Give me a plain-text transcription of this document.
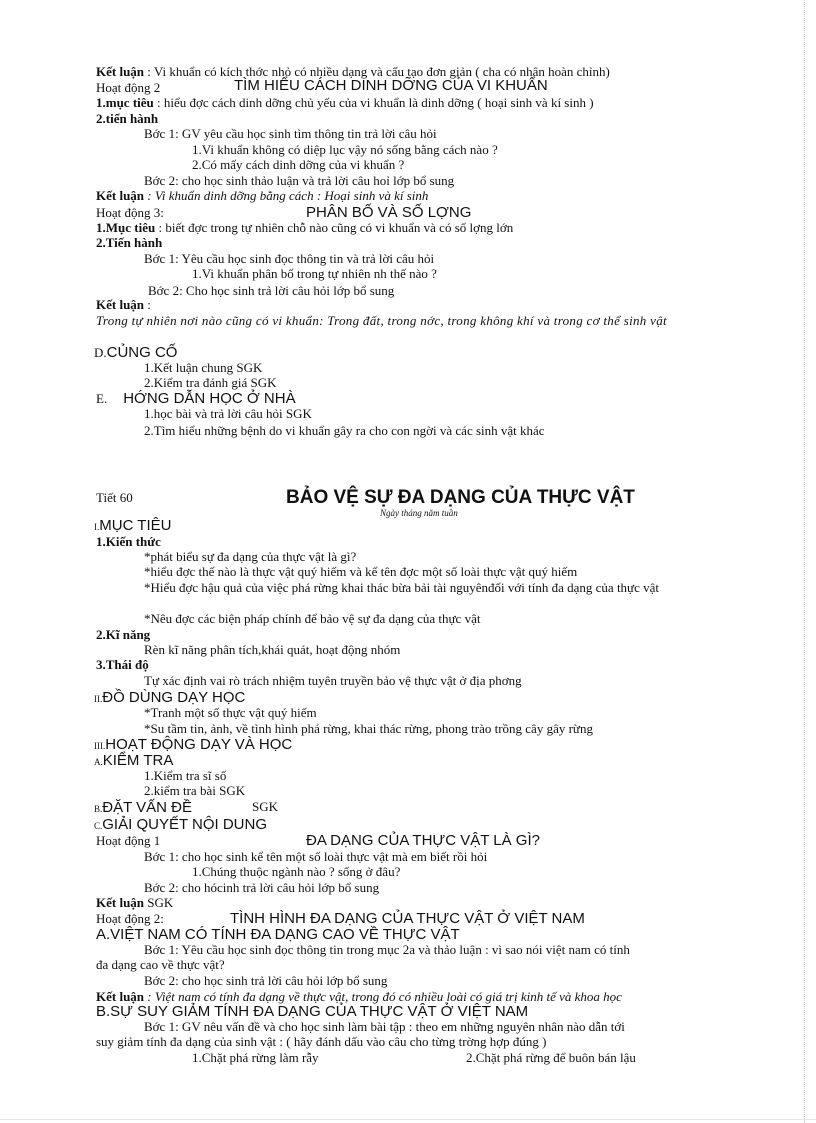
Kết luận : Vi khuẩn có kích thớc nhỏ có nhiều dạng và cấu tạo đơn giản ( cha có nhân hoàn chỉnh)
Hoạt động 2	TÌM HIỂU CÁCH DINH DỠNG CỦA VI KHUẨN
1.mục tiêu : hiểu đợc cách dinh dỡng chủ yếu của vi khuẩn là dinh dỡng ( hoại sinh và kí sinh )
2.tiến hành
Bớc 1: GV yêu cầu học sinh tìm thông tin trả lời câu hỏi
1.Vi khuẩn không có diệp lục vậy nó sống bằng cách nào ?
2.Có mấy cách dinh dỡng của vi khuẩn ?
Bớc 2: cho học sinh thảo luận và trả lời câu hoỉ lớp bổ sung
Kết luận : Vi khuẩn dinh dỡng bằng cách : Hoại sinh và kí sinh
Hoạt động 3:	PHÂN BỐ VÀ SỐ LỢNG
1.Mục tiêu : biết đợc trong tự nhiên chỗ nào cũng có vi khuẩn và có số lợng lớn
2.Tiến hành
Bớc 1: Yêu cầu học sinh đọc thông tin và trả lời câu hỏi
1.Vi khuẩn phân bố trong tự nhiên nh thế nào ?
Bớc 2: Cho học sinh trả lời câu hỏi lớp bổ sung
Kết luận :
Trong tự nhiên nơi nào cũng có vi khuẩn: Trong đất, trong nớc, trong không khí và trong cơ thể sinh vật
D.CỦNG CỐ
1.Kết luận chung SGK
2.Kiểm tra đánh giá SGK
E. HỚNG DẪN HỌC Ở NHÀ
1.học bài và trả lời câu hỏi SGK
2.Tìm hiểu những bệnh do vi khuẩn gây ra cho con ngời và các sinh vật khác
Tiết 60	BẢO VỆ SỰ ĐA DẠNG CỦA THỰC VẬT
Ngày tháng năm tuần
I.MỤC TIÊU
1.Kiến thức
*phát biểu sự đa dạng của thực vật là gì?
*hiểu đợc thế nào là thực vật quý hiếm và kể tên đợc một số loài thực vật quý hiếm
*Hiểu đợc hậu quả của việc phá rừng khai thác bừa bải tài nguyênđối với tính đa dạng của thực vật
*Nêu đợc các biện pháp chính để bảo vệ sự đa dạng của thực vật
2.Kĩ năng
Rèn kĩ năng phân tích,khái quát, hoạt động nhóm
3.Thái độ
Tự xác định vai rò trách nhiệm tuyên truyền bảo vệ thực vật ở địa phơng
II.ĐỒ DÙNG DẠY HỌC
*Tranh một số thực vật quý hiếm
*Su tầm tin, ảnh, về tình hình phá rừng, khai thác rừng, phong trào trồng cây gây rừng
III.HOẠT ĐỘNG DẠY VÀ HỌC
A.KIỂM TRA
1.Kiểm tra sĩ số
2.kiểm tra bài SGK
B.ĐẶT VẤN ĐỀ	SGK
C.GIẢI QUYẾT NỘI DUNG
Hoạt động 1	ĐA DẠNG CỦA THỰC VẬT LÀ GÌ?
Bớc 1: cho học sinh kể tên một số loài thực vật mà em biết rồi hỏi
1.Chúng thuộc ngành nào ? sống ở đâu?
Bớc 2: cho hócinh trả lời câu hỏi lớp bổ sung
Kết luận SGK
Hoạt động 2:	TÌNH HÌNH ĐA DẠNG CỦA THỰC VẬT Ở VIỆT NAM
A.VIỆT NAM CÓ TÍNH ĐA DẠNG CAO VỀ THỰC VẬT
Bớc 1: Yêu cầu học sinh đọc thông tin trong mục 2a và thảo luận : vì sao nói việt nam có tính
đa dạng cao về thực vật?
Bớc 2: cho học sinh trả lời câu hỏi lớp bổ sung
Kết luận : Việt nam có tính đa dạng về thực vật, trong đó có nhiều loài có giá trị kinh tế và khoa học
B.SỰ SUY GIẢM TÍNH ĐA DẠNG CỦA THỰC VẬT Ở VIỆT NAM
Bớc 1: GV nêu vấn đề và cho học sinh làm bài tập : theo em những nguyên nhân nào dẫn tới
suy giảm tính đa dạng của sinh vật : ( hãy đánh dấu vào câu cho từng trờng hợp đúng )
1.Chặt phá rừng làm rẫy	2.Chặt phá rừng để buôn bán lậu
